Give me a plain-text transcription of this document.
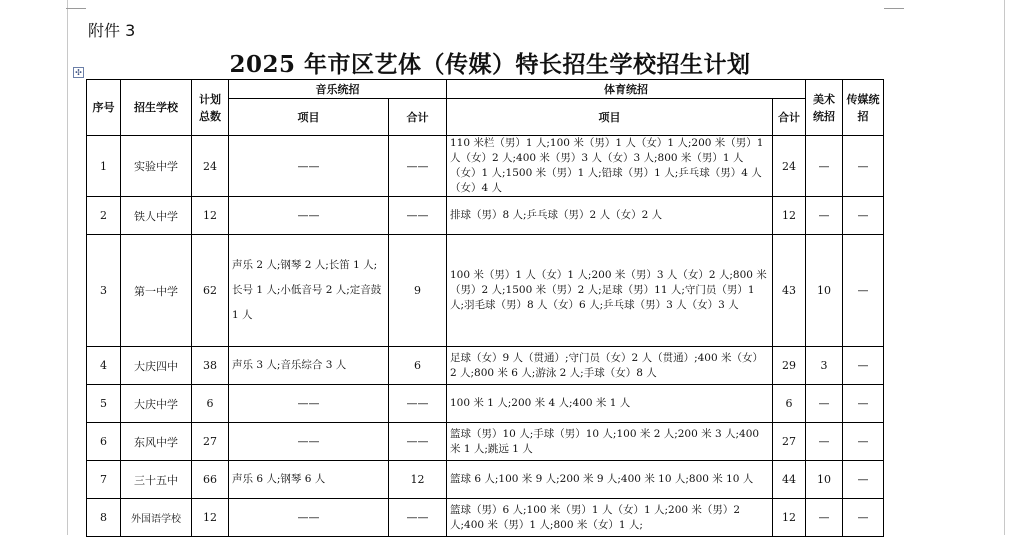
附件 3
2025 年市区艺体（传媒）特长招生学校招生计划
✣
序号	招生学校	计划总数	音乐统招		体育统招		美术统招	传媒统招
			项目	合计	项目	合计		
1	实验中学	24	——	——	110 米栏（男）1 人;100 米（男）1 人（女）1 人;200 米（男）1 人（女）2 人;400 米（男）3 人（女）3 人;800 米（男）1 人（女）1 人;1500 米（男）1 人;铅球（男）1 人;乒乓球（男）4 人（女）4 人	24	—	—
2	铁人中学	12	——	——	排球（男）8 人;乒乓球（男）2 人（女）2 人	12	—	—
3	第一中学	62	声乐 2 人;钢琴 2 人;长笛 1 人;长号 1 人;小低音号 2 人;定音鼓 1 人	9	100 米（男）1 人（女）1 人;200 米（男）3 人（女）2 人;800 米（男）2 人;1500 米（男）2 人;足球（男）11 人;守门员（男）1 人;羽毛球（男）8 人（女）6 人;乒乓球（男）3 人（女）3 人	43	10	—
4	大庆四中	38	声乐 3 人;音乐综合 3 人	6	足球（女）9 人（贯通）;守门员（女）2 人（贯通）;400 米（女）2 人;800 米 6 人;游泳 2 人;手球（女）8 人	29	3	—
5	大庆中学	6	——	——	100 米 1 人;200 米 4 人;400 米 1 人	6	—	—
6	东风中学	27	——	——	篮球（男）10 人;手球（男）10 人;100 米 2 人;200 米 3 人;400 米 1 人;跳远 1 人	27	—	—
7	三十五中	66	声乐 6 人;钢琴 6 人	12	篮球 6 人;100 米 9 人;200 米 9 人;400 米 10 人;800 米 10 人	44	10	—
8	外国语学校	12	——	——	篮球（男）6 人;100 米（男）1 人（女）1 人;200 米（男）2 人;400 米（男）1 人;800 米（女）1 人;	12	—	—
